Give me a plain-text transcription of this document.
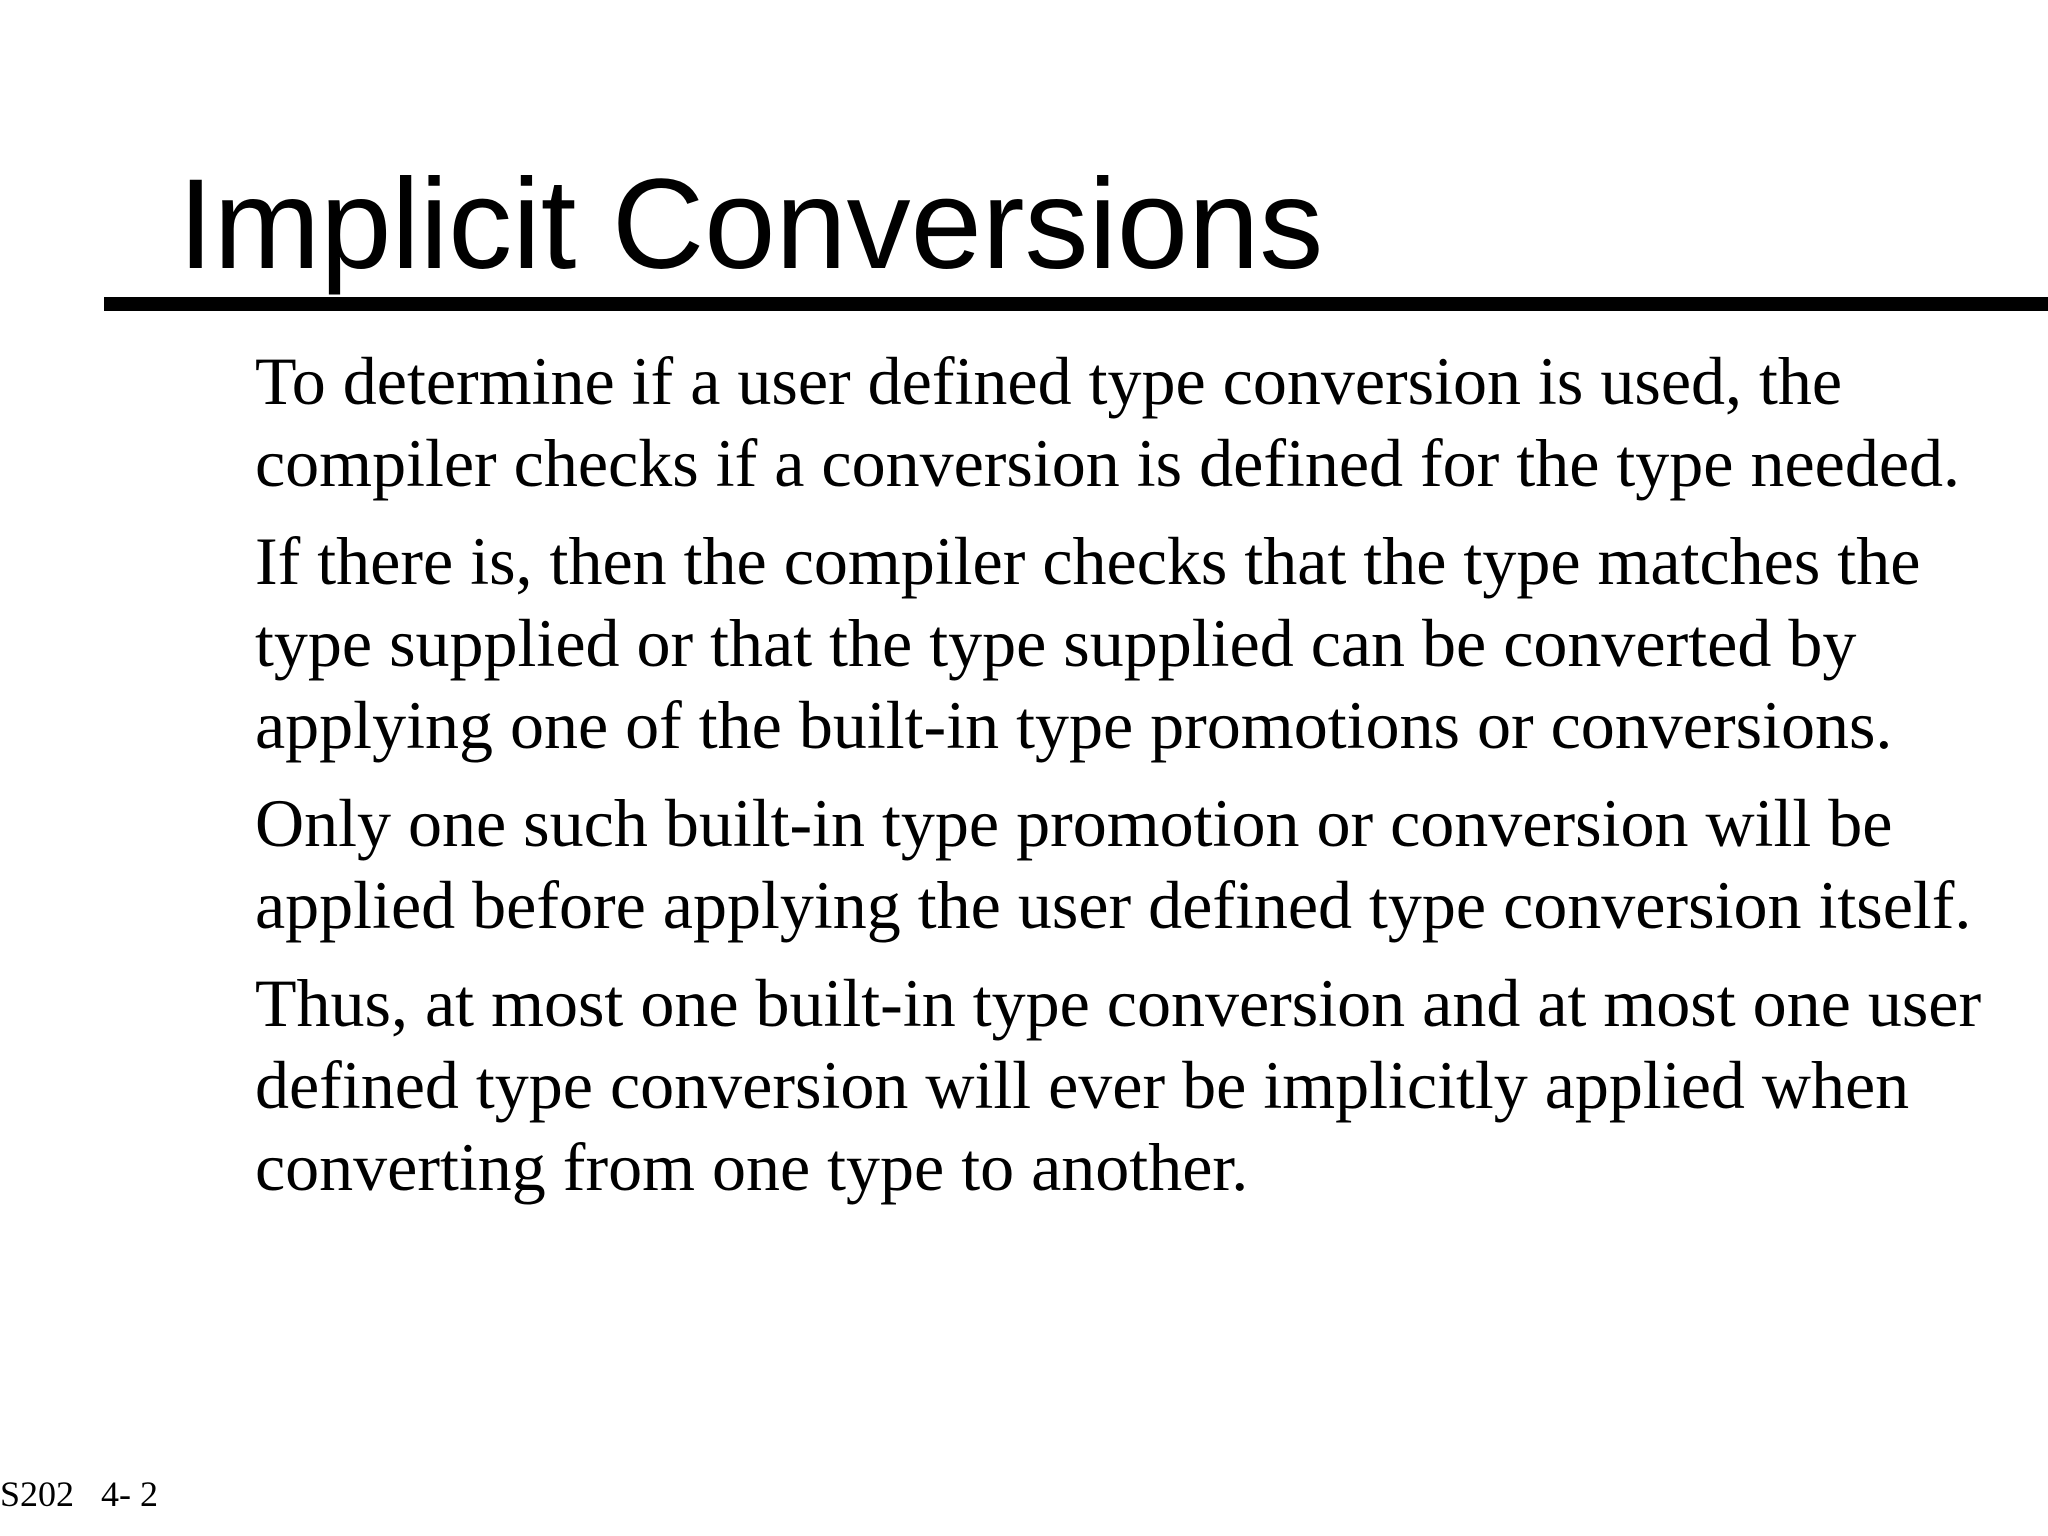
Implicit Conversions

To determine if a user defined type conversion is used, the compiler checks if a conversion is defined for the type needed.

If there is, then the compiler checks that the type matches the type supplied or that the type supplied can be converted by applying one of the built-in type promotions or conversions.

Only one such built-in type promotion or conversion will be applied before applying the user defined type conversion itself.

Thus, at most one built-in type conversion and at most one user defined type conversion will ever be implicitly applied when converting from one type to another.

S202   4- 2
